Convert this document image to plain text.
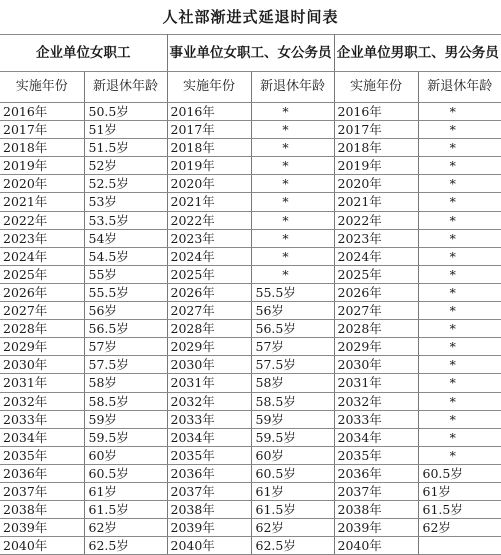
人社部渐进式延退时间表
企业单位女职工		事业单位女职工、女公务员		企业单位男职工、男公务员	
实施年份	新退休年龄	实施年份	新退休年龄	实施年份	新退休年龄
2016年	50.5岁	2016年	*	2016年	*
2017年	51岁	2017年	*	2017年	*
2018年	51.5岁	2018年	*	2018年	*
2019年	52岁	2019年	*	2019年	*
2020年	52.5岁	2020年	*	2020年	*
2021年	53岁	2021年	*	2021年	*
2022年	53.5岁	2022年	*	2022年	*
2023年	54岁	2023年	*	2023年	*
2024年	54.5岁	2024年	*	2024年	*
2025年	55岁	2025年	*	2025年	*
2026年	55.5岁	2026年	55.5岁	2026年	*
2027年	56岁	2027年	56岁	2027年	*
2028年	56.5岁	2028年	56.5岁	2028年	*
2029年	57岁	2029年	57岁	2029年	*
2030年	57.5岁	2030年	57.5岁	2030年	*
2031年	58岁	2031年	58岁	2031年	*
2032年	58.5岁	2032年	58.5岁	2032年	*
2033年	59岁	2033年	59岁	2033年	*
2034年	59.5岁	2034年	59.5岁	2034年	*
2035年	60岁	2035年	60岁	2035年	*
2036年	60.5岁	2036年	60.5岁	2036年	60.5岁
2037年	61岁	2037年	61岁	2037年	61岁
2038年	61.5岁	2038年	61.5岁	2038年	61.5岁
2039年	62岁	2039年	62岁	2039年	62岁
2040年	62.5岁	2040年	62.5岁	2040年	
